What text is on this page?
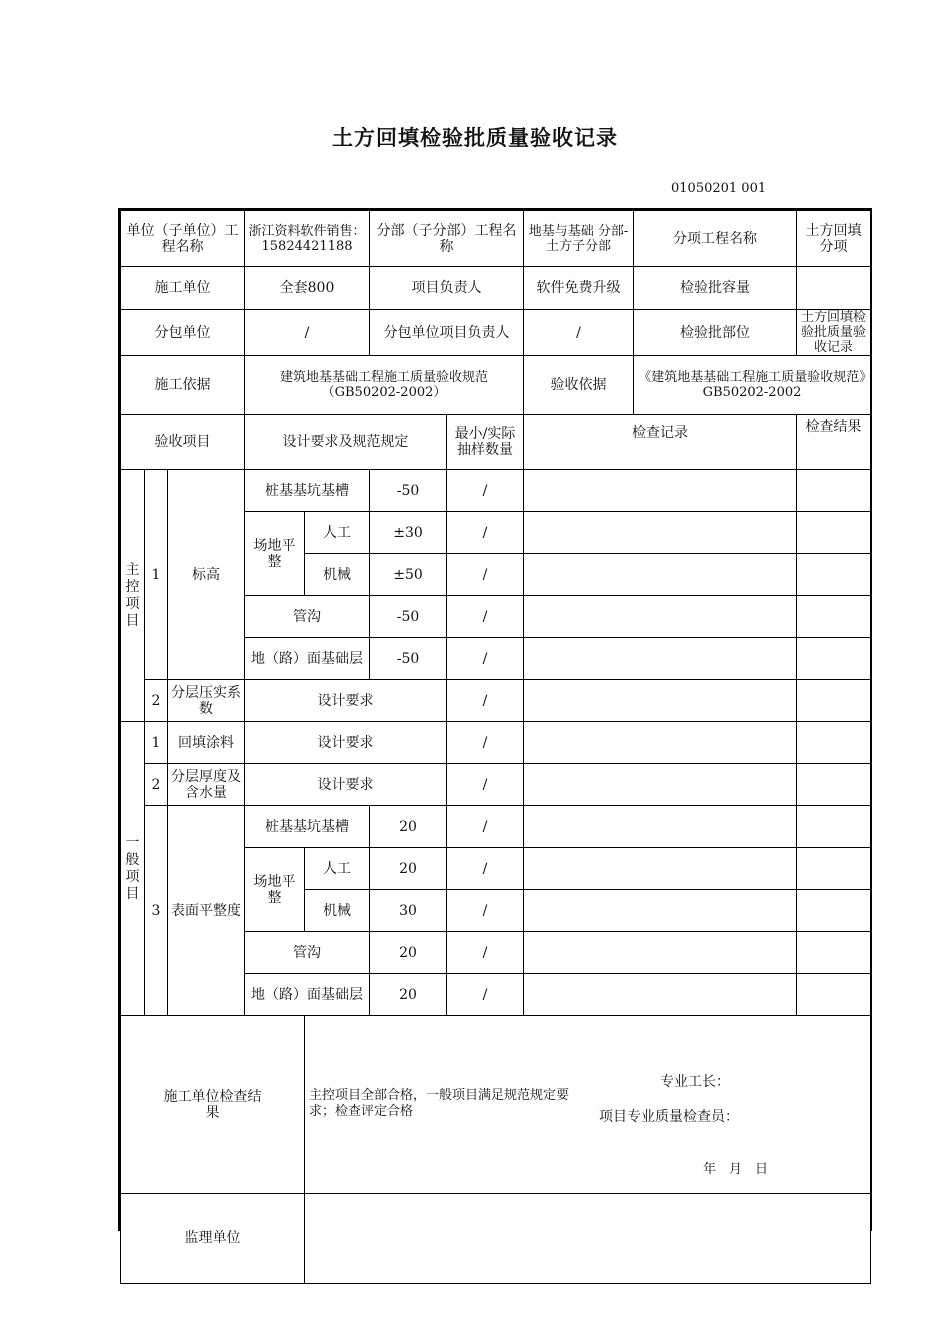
土方回填检验批质量验收记录
01050201 001
单位（子单位）工程名称			浙江资料软件销售：15824421188		分部（子分部）工程名称		地基与基础 分部-土方子分部	分项工程名称	土方回填分项
施工单位			全套800		项目负责人		软件免费升级	检验批容量	
分包单位			/		分包单位项目负责人		/	检验批部位	土方回填检验批质量验收记录
施工依据			建筑地基基础工程施工质量验收规范（GB50202-2002）				验收依据	《建筑地基基础工程施工质量验收规范》GB50202-2002	
验收项目			设计要求及规范规定			最小/实际抽样数量	检查记录		检查结果
主
控
项
目	1	标高	桩基基坑基槽		-50	/			
			场地平整	人工	±30	/			
				机械	±50	/			
			管沟		-50	/			
			地（路）面基础层		-50	/			
	2	分层压实系数	设计要求			/			
一
般
项
目	1	回填涂料	设计要求			/			
	2	分层厚度及含水量	设计要求			/			
	3	表面平整度	桩基基坑基槽		20	/			
			场地平整	人工	20	/			
				机械	30	/			
			管沟		20	/			
			地（路）面基础层		20	/			
施工单位检查结果				主控项目全部合格，一般项目满足规范规定要求；检查评定合格
专业工长：
项目专业质量检查员：
年　月　日					

监理单位									
